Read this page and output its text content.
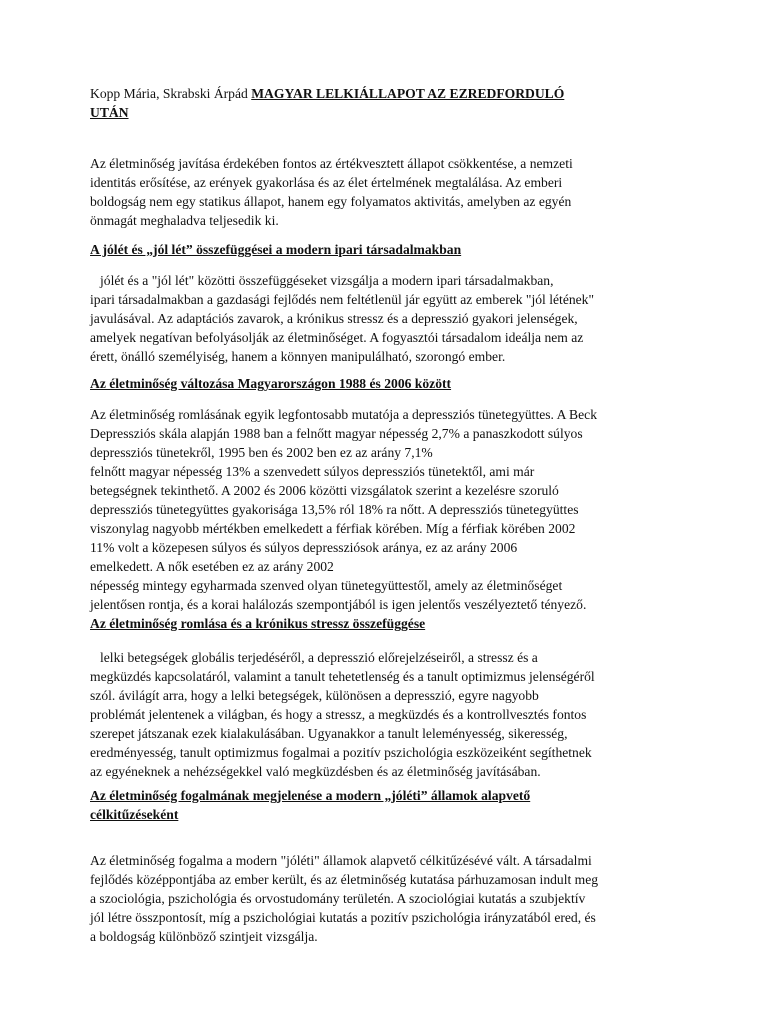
Kopp Mária, Skrabski Árpád MAGYAR LELKIÁLLAPOT AZ EZREDFORDULÓ
UTÁN

Az életminőség javítása érdekében fontos az értékvesztett állapot csökkentése, a nemzeti
identitás erősítése, az erények gyakorlása és az élet értelmének megtalálása. Az emberi
boldogság nem egy statikus állapot, hanem egy folyamatos aktivitás, amelyben az egyén
önmagát meghaladva teljesedik ki.

A jólét és „jól lét” összefüggései a modern ipari társadalmakban

jólét és a "jól lét" közötti összefüggéseket vizsgálja a modern ipari társadalmakban,
ipari társadalmakban a gazdasági fejlődés nem feltétlenül jár együtt az emberek "jól létének"
javulásával. Az adaptációs zavarok, a krónikus stressz és a depresszió gyakori jelenségek,
amelyek negatívan befolyásolják az életminőséget. A fogyasztói társadalom ideálja nem az
érett, önálló személyiség, hanem a könnyen manipulálható, szorongó ember.

Az életminőség változása Magyarországon 1988 és 2006 között

Az életminőség romlásának egyik legfontosabb mutatója a depressziós tünetegyüttes. A Beck
Depressziós skála alapján 1988 ban a felnőtt magyar népesség 2,7% a panaszkodott súlyos
depressziós tünetekről, 1995 ben és 2002 ben ez az arány 7,1%
felnőtt magyar népesség 13% a szenvedett súlyos depressziós tünetektől, ami már
betegségnek tekinthető. A 2002 és 2006 közötti vizsgálatok szerint a kezelésre szoruló
depressziós tünetegyüttes gyakorisága 13,5% ról 18% ra nőtt. A depressziós tünetegyüttes
viszonylag nagyobb mértékben emelkedett a férfiak körében. Míg a férfiak körében 2002
11% volt a közepesen súlyos és súlyos depressziósok aránya, ez az arány 2006
emelkedett. A nők esetében ez az arány 2002
népesség mintegy egyharmada szenved olyan tünetegyüttestől, amely az életminőséget
jelentősen rontja, és a korai halálozás szempontjából is igen jelentős veszélyeztető tényező.

Az életminőség romlása és a krónikus stressz összefüggése

lelki betegségek globális terjedéséről, a depresszió előrejelzéseiről, a stressz és a
megküzdés kapcsolatáról, valamint a tanult tehetetlenség és a tanult optimizmus jelenségéről
szól. ávilágít arra, hogy a lelki betegségek, különösen a depresszió, egyre nagyobb
problémát jelentenek a világban, és hogy a stressz, a megküzdés és a kontrollvesztés fontos
szerepet játszanak ezek kialakulásában. Ugyanakkor a tanult leleményesség, sikeresség,
eredményesség, tanult optimizmus fogalmai a pozitív pszichológia eszközeiként segíthetnek
az egyéneknek a nehézségekkel való megküzdésben és az életminőség javításában.

Az életminőség fogalmának megjelenése a modern „jóléti” államok alapvető
célkitűzéseként

Az életminőség fogalma a modern "jóléti" államok alapvető célkitűzésévé vált. A társadalmi
fejlődés középpontjába az ember került, és az életminőség kutatása párhuzamosan indult meg
a szociológia, pszichológia és orvostudomány területén. A szociológiai kutatás a szubjektív
jól létre összpontosít, míg a pszichológiai kutatás a pozitív pszichológia irányzatából ered, és
a boldogság különböző szintjeit vizsgálja.
